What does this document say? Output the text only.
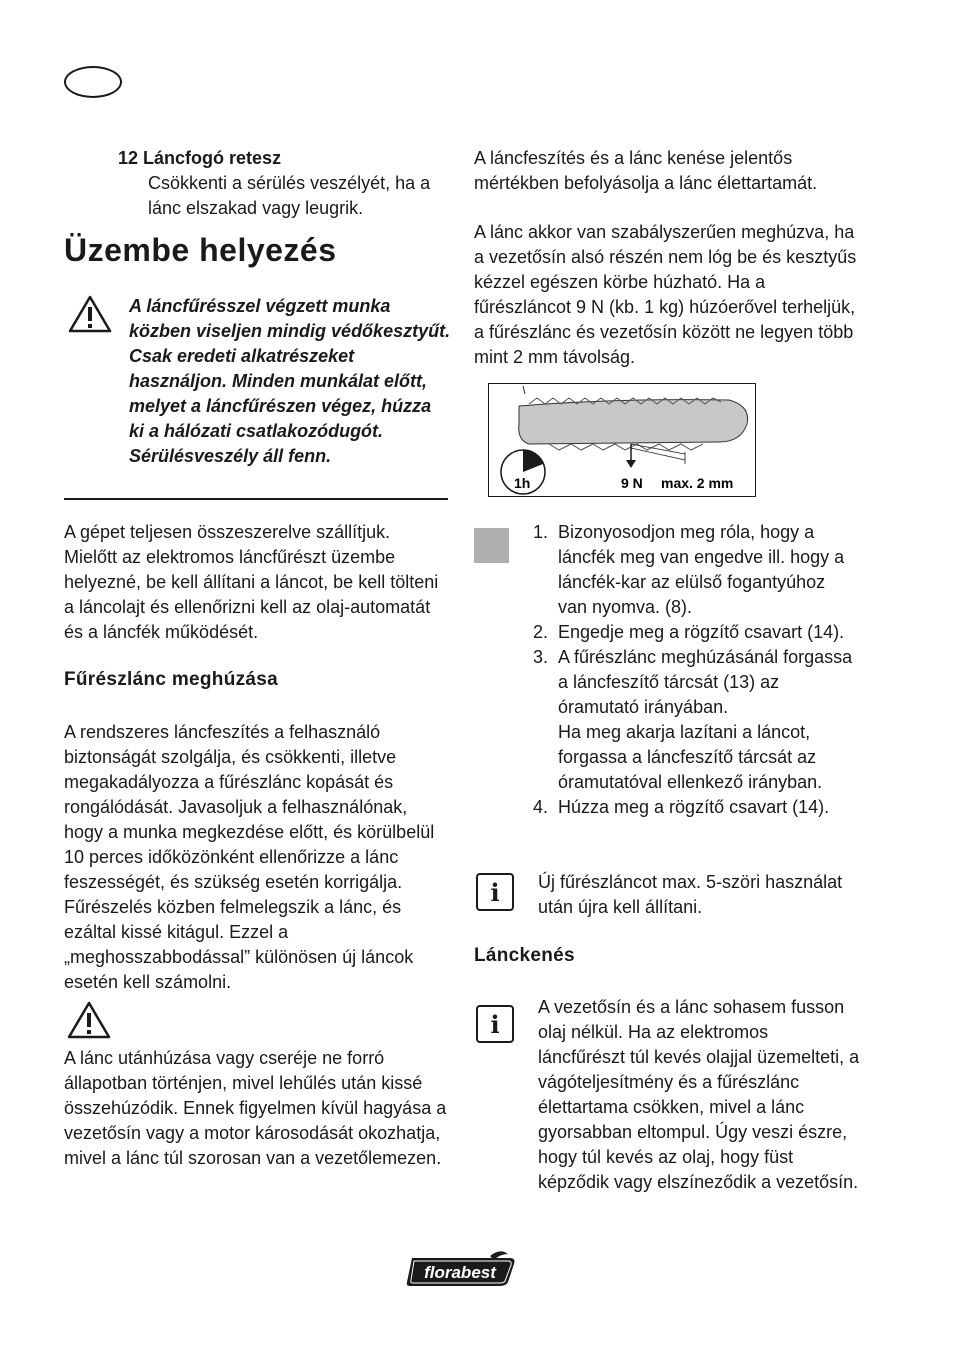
12 Láncfogó retesz

Csökkenti a sérülés veszélyét, ha a lánc elszakad vagy leugrik.

Üzembe helyezés

A láncfűrésszel végzett munka közben viseljen mindig védőkesztyűt. Csak eredeti alkatrészeket használjon. Minden munkálat előtt, melyet a láncfűrészen végez, húzza ki a hálózati csatlakozódugót. Sérülésveszély áll fenn.

A gépet teljesen összeszerelve szállítjuk. Mielőtt az elektromos láncfűrészt üzembe helyezné, be kell állítani a láncot, be kell tölteni a láncolajt és ellenőrizni kell az olaj-automatát és a láncfék működését.

Fűrészlánc meghúzása

A rendszeres láncfeszítés a felhasználó biztonságát szolgálja, és csökkenti, illetve megakadályozza a fűrészlánc kopását és rongálódását. Javasoljuk a felhasználónak, hogy a munka megkezdése előtt, és körülbelül 10 perces időközönként ellenőrizze a lánc feszességét, és szükség esetén korrigálja. Fűrészelés közben felmelegszik a lánc, és ezáltal kissé kitágul. Ezzel a „meghosszabbodással” különösen új láncok esetén kell számolni.

A lánc utánhúzása vagy cseréje ne forró állapotban történjen, mivel lehűlés után kissé összehúzódik. Ennek figyelmen kívül hagyása a vezetősín vagy a motor károsodását okozhatja, mivel a lánc túl szorosan van a vezetőlemezen.

A láncfeszítés és a lánc kenése jelentős mértékben befolyásolja a lánc élettartamát.

A lánc akkor van szabályszerűen meghúzva, ha a vezetősín alsó részén nem lóg be és kesztyűs kézzel egészen körbe húzható. Ha a fűrészláncot 9 N (kb. 1 kg) húzóerővel terheljük, a fűrészlánc és vezetősín között ne legyen több mint 2 mm távolság.

1h	9 N max. 2 mm
1. Bizonyosodjon meg róla, hogy a láncfék meg van engedve ill. hogy a láncfék-kar az elülső fogantyúhoz van nyomva. (8).
2. Engedje meg a rögzítő csavart (14).
3. A fűrészlánc meghúzásánál forgassa a láncfeszítő tárcsát (13) az óramutató irányában.
Ha meg akarja lazítani a láncot, forgassa a láncfeszítő tárcsát az óramutatóval ellenkező irányban.
4. Húzza meg a rögzítő csavart (14).
i	Új fűrészláncot max. 5-szöri használat után újra kell állítani.

Lánckenés
i

A vezetősín és a lánc sohasem fusson olaj nélkül. Ha az elektromos láncfűrészt túl kevés olajjal üzemelteti, a vágóteljesítmény és a fűrészlánc élettartama csökken, mivel a lánc gyorsabban eltompul. Úgy veszi észre, hogy túl kevés az olaj, hogy füst képződik vagy elszíneződik a vezetősín.

florabest
